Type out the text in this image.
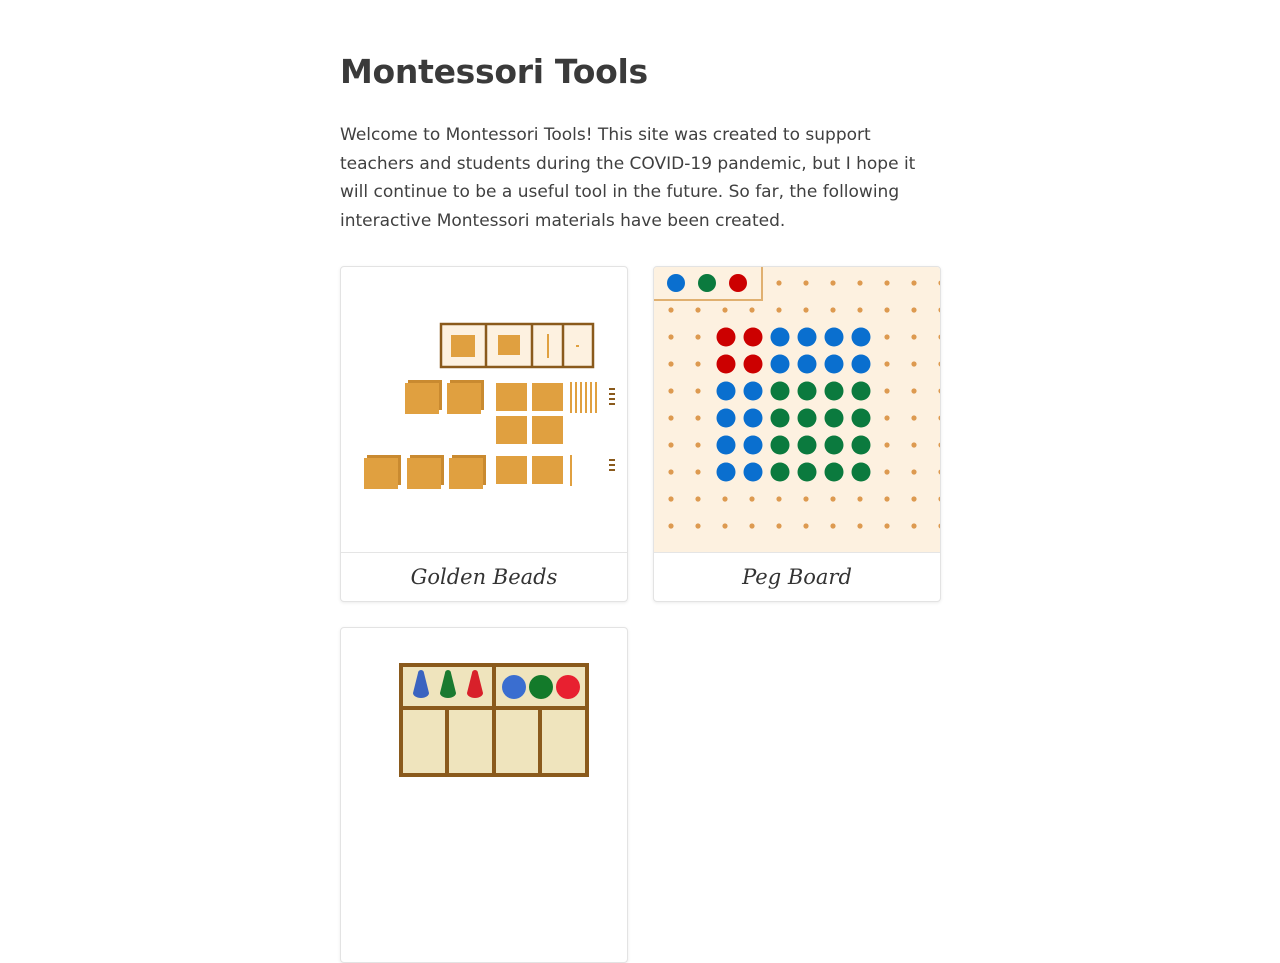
Montessori Tools

Welcome to Montessori Tools! This site was created to support teachers and students during the COVID-19 pandemic, but I hope it will continue to be a useful tool in the future. So far, the following interactive Montessori materials have been created.

Golden Beads	Peg Board
